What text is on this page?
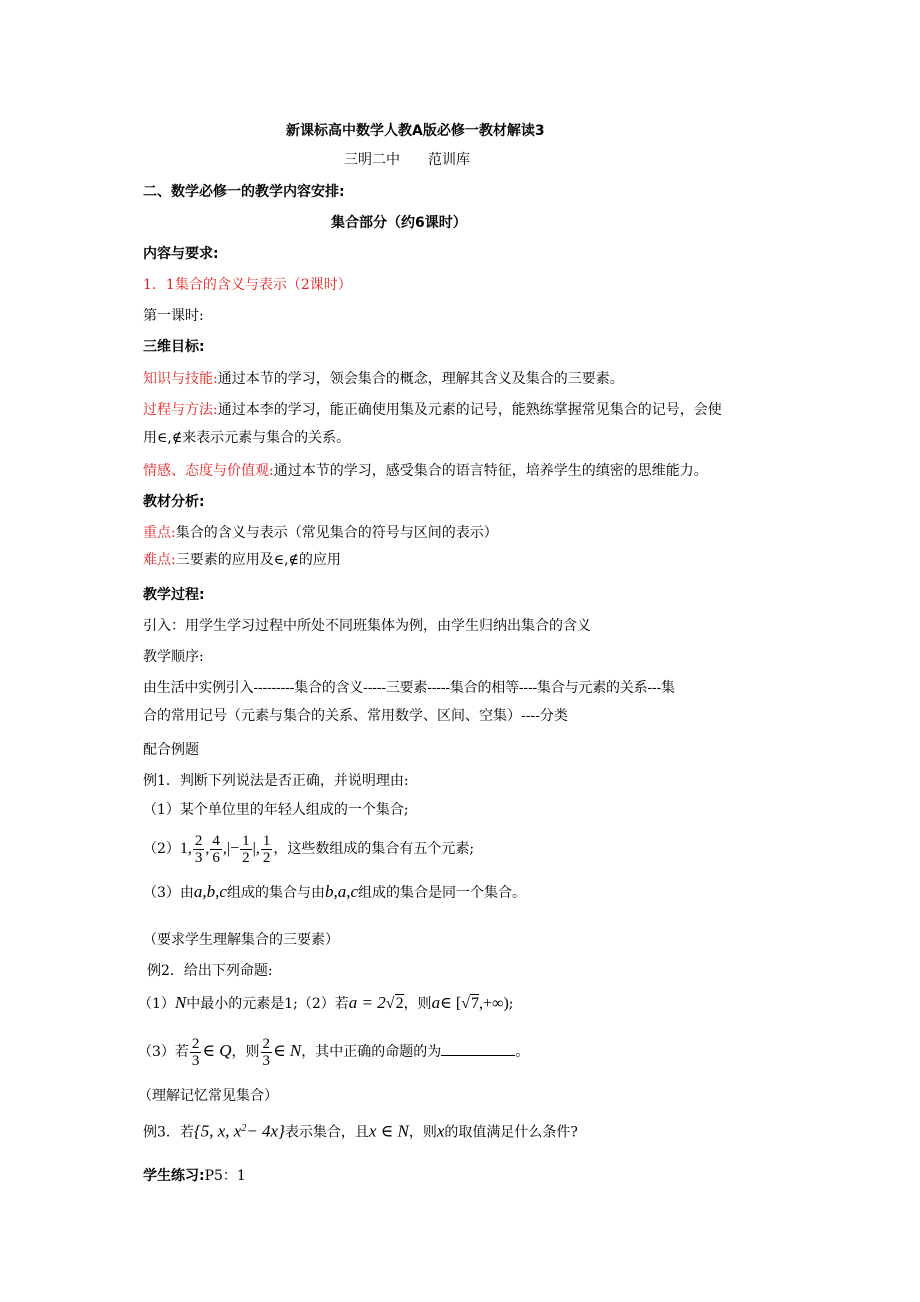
新课标高中数学人教A版必修一教材解读3
三明二中 范训库
二、数学必修一的教学内容安排:
集合部分（约6课时）
内容与要求:
1．1集合的含义与表示（2课时）
第一课时:
三维目标:
知识与技能:通过本节的学习，领会集合的概念，理解其含义及集合的三要素。
过程与方法:通过本李的学习，能正确使用集及元素的记号，能熟练掌握常见集合的记号，会使
用∈,∉来表示元素与集合的关系。
情感、态度与价值观:通过本节的学习，感受集合的语言特征，培养学生的缜密的思维能力。
教材分析:
重点:集合的含义与表示（常见集合的符号与区间的表示）
难点:三要素的应用及∈,∉的应用
教学过程:
引入：用学生学习过程中所处不同班集体为例，由学生归纳出集合的含义
教学顺序:
由生活中实例引入---------集合的含义-----三要素-----集合的相等----集合与元素的关系---集
合的常用记号（元素与集合的关系、常用数学、区间、空集）----分类
配合例题
例1．判断下列说法是否正确，并说明理由:
（1）某个单位里的年轻人组成的一个集合;
（2）1, $\frac{2}{3}$ , $\frac{4}{6}$ ,|− $\frac{1}{2}$ |, $\frac{1}{2}$ ，这些数组成的集合有五个元素;
（3）由a,b,c组成的集合与由b,a,c组成的集合是同一个集合。
（要求学生理解集合的三要素）
例2．给出下列命题:
（1）N中最小的元素是1;（2）若a = 2√2，则a∈ [√7,+∞);
（3）若 $\frac{2}{3}$ ∈ Q，则 $\frac{2}{3}$ ∈ N，其中正确的命题的为	。
（理解记忆常见集合）
例3．若{5, x, $x^2- 4x$}表示集合，且x ∈ N，则x的取值满足什么条件?
学生练习:P5：1
